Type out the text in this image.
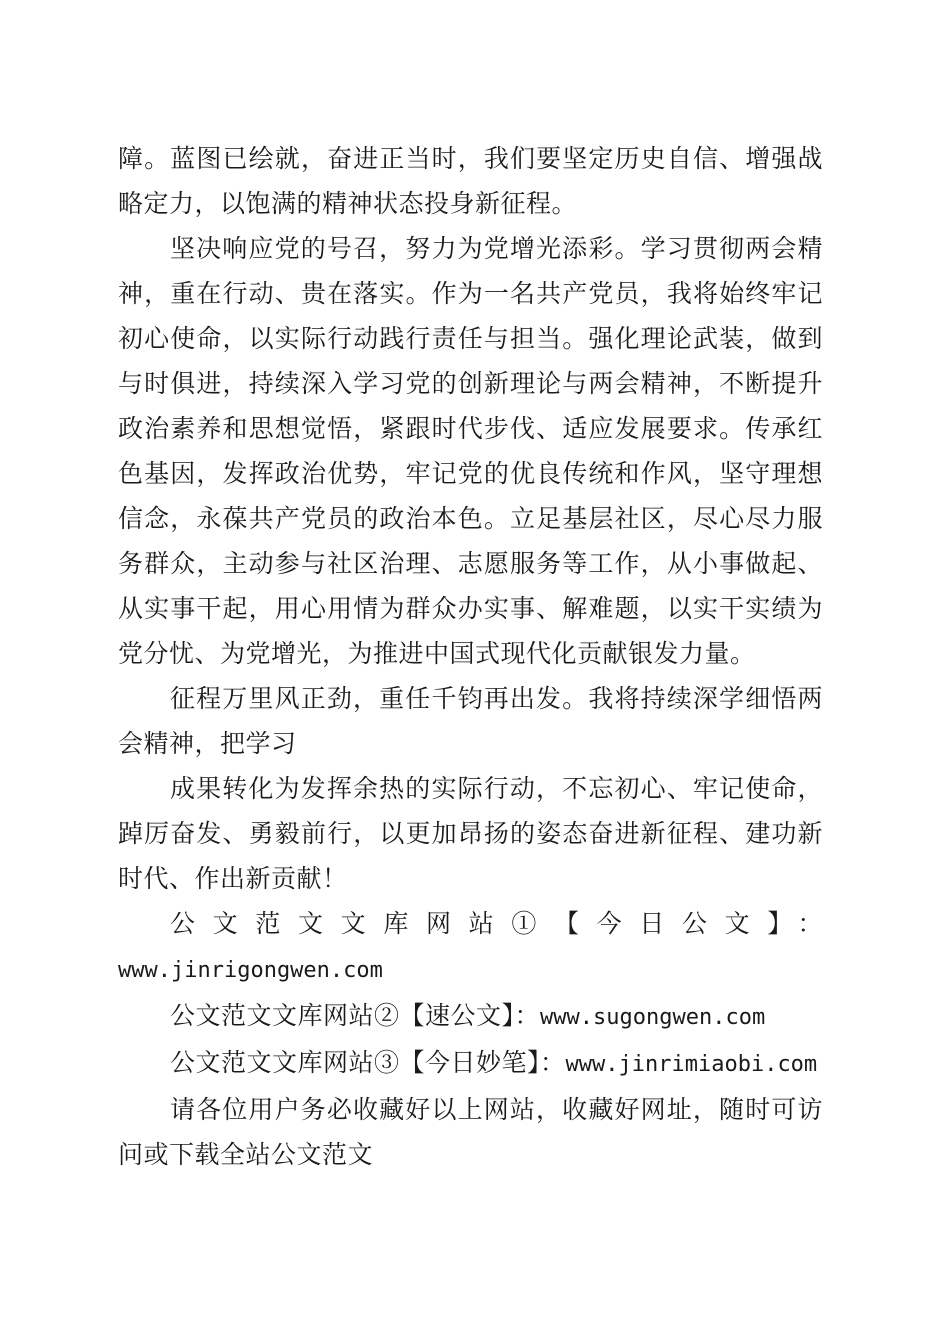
障。蓝图已绘就，奋进正当时，我们要坚定历史自信、增强战略定力，以饱满的精神状态投身新征程。

坚决响应党的号召，努力为党增光添彩。学习贯彻两会精神，重在行动、贵在落实。作为一名共产党员，我将始终牢记初心使命，以实际行动践行责任与担当。强化理论武装，做到与时俱进，持续深入学习党的创新理论与两会精神，不断提升政治素养和思想觉悟，紧跟时代步伐、适应发展要求。传承红色基因，发挥政治优势，牢记党的优良传统和作风，坚守理想信念，永葆共产党员的政治本色。立足基层社区，尽心尽力服务群众，主动参与社区治理、志愿服务等工作，从小事做起、从实事干起，用心用情为群众办实事、解难题，以实干实绩为党分忧、为党增光，为推进中国式现代化贡献银发力量。

征程万里风正劲，重任千钧再出发。我将持续深学细悟两会精神，把学习

成果转化为发挥余热的实际行动，不忘初心、牢记使命，踔厉奋发、勇毅前行，以更加昂扬的姿态奋进新征程、建功新时代、作出新贡献！

公文范文文库网站①【今日公文】：
www.jinrigongwen.com

公文范文文库网站②【速公文】：www.sugongwen.com

公文范文文库网站③【今日妙笔】：www.jinrimiaobi.com

请各位用户务必收藏好以上网站，收藏好网址，随时可访问或下载全站公文范文
